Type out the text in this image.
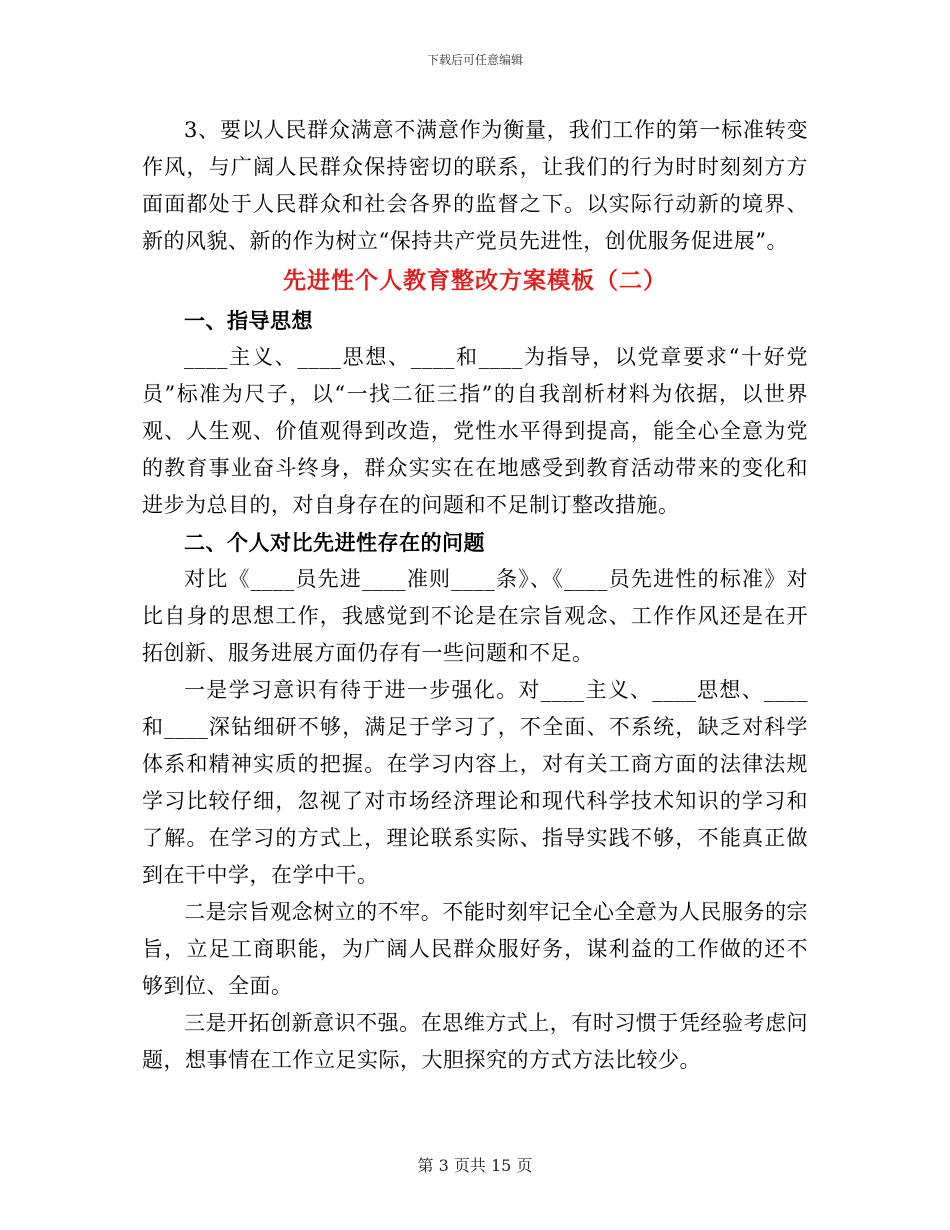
下载后可任意编辑

3、要以人民群众满意不满意作为衡量，我们工作的第一标准转变作风，与广阔人民群众保持密切的联系，让我们的行为时时刻刻方方面面都处于人民群众和社会各界的监督之下。以实际行动新的境界、新的风貌、新的作为树立“保持共产党员先进性，创优服务促进展”。

先进性个人教育整改方案模板（二）
一、指导思想

____主义、____思想、____和____为指导，以党章要求“十好党员”标准为尺子，以“一找二征三指”的自我剖析材料为依据，以世界观、人生观、价值观得到改造，党性水平得到提高，能全心全意为党的教育事业奋斗终身，群众实实在在地感受到教育活动带来的变化和进步为总目的，对自身存在的问题和不足制订整改措施。

二、个人对比先进性存在的问题

对比《____员先进____准则____条》、《____员先进性的标准》对比自身的思想工作，我感觉到不论是在宗旨观念、工作作风还是在开拓创新、服务进展方面仍存有一些问题和不足。

一是学习意识有待于进一步强化。对____主义、____思想、____和____深钻细研不够，满足于学习了，不全面、不系统，缺乏对科学体系和精神实质的把握。在学习内容上，对有关工商方面的法律法规学习比较仔细，忽视了对市场经济理论和现代科学技术知识的学习和了解。在学习的方式上，理论联系实际、指导实践不够，不能真正做到在干中学，在学中干。

二是宗旨观念树立的不牢。不能时刻牢记全心全意为人民服务的宗旨，立足工商职能，为广阔人民群众服好务，谋利益的工作做的还不够到位、全面。

三是开拓创新意识不强。在思维方式上，有时习惯于凭经验考虑问题，想事情在工作立足实际，大胆探究的方式方法比较少。

第 3 页共 15 页
